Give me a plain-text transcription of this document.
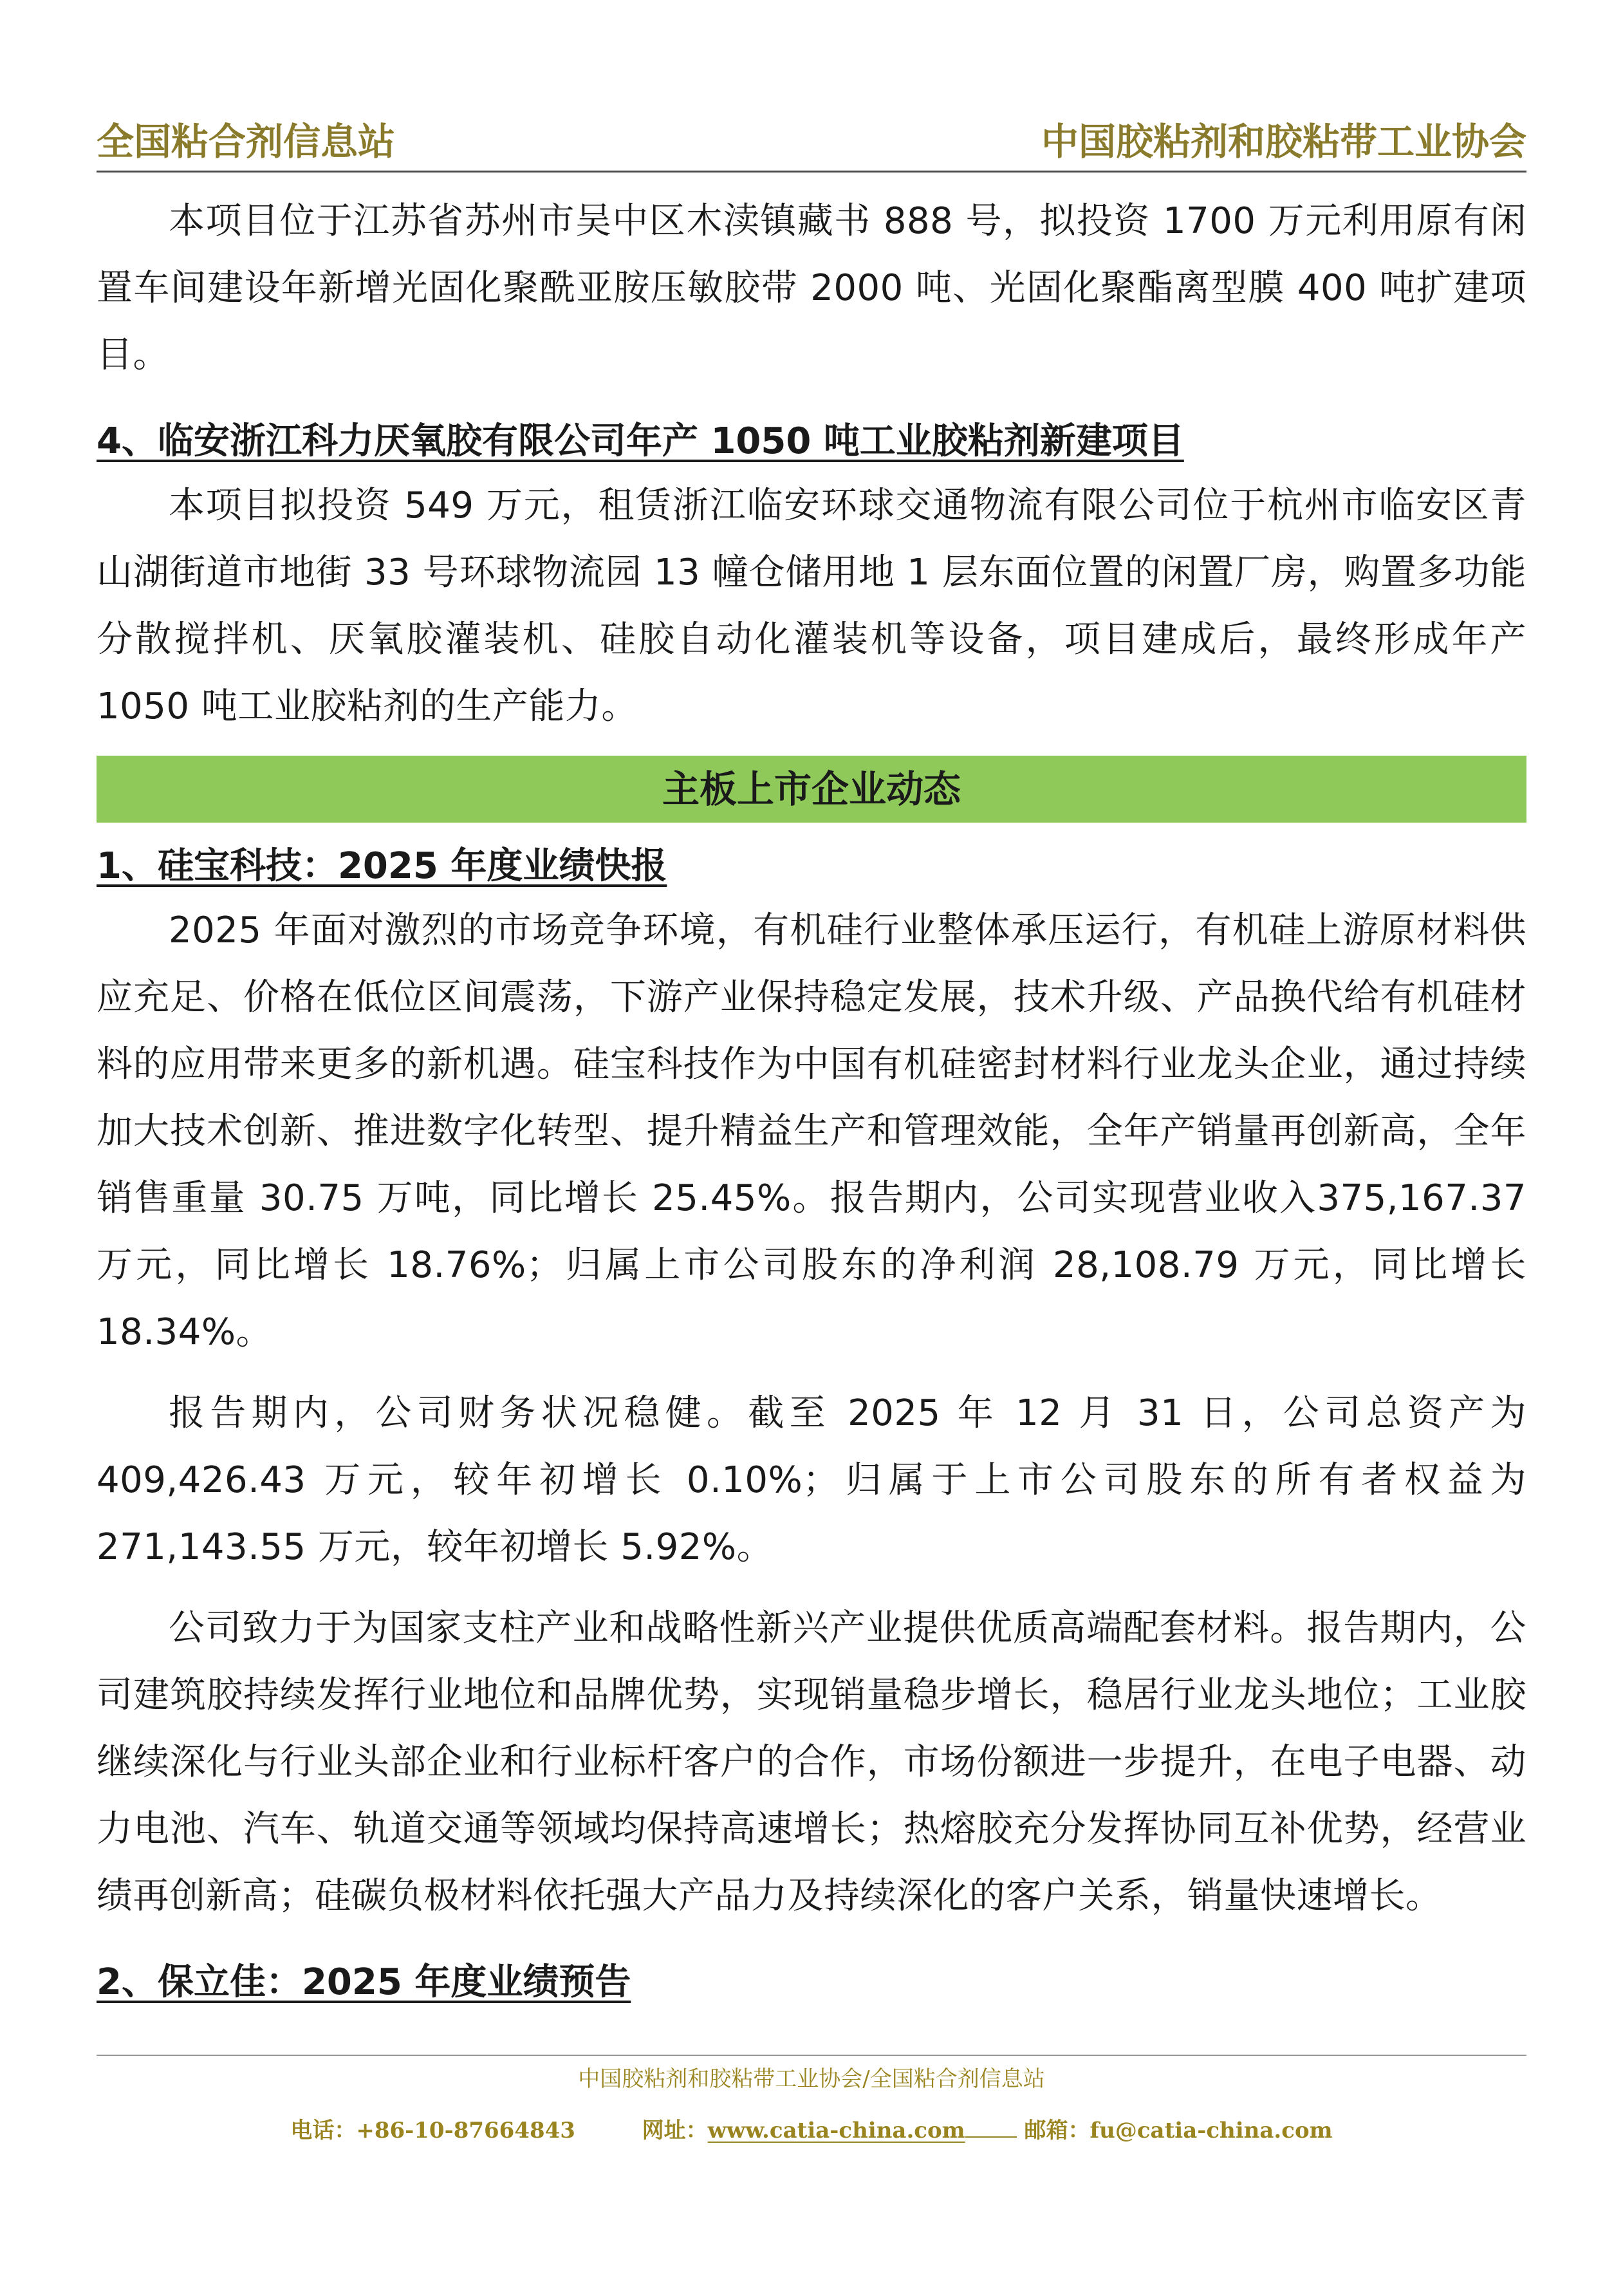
全国粘合剂信息站	中国胶粘剂和胶粘带工业协会

本项目位于江苏省苏州市吴中区木渎镇藏书 888 号，拟投资 1700 万元利用原有闲置车间建设年新增光固化聚酰亚胺压敏胶带 2000 吨、光固化聚酯离型膜 400 吨扩建项目。

4、临安浙江科力厌氧胶有限公司年产 1050 吨工业胶粘剂新建项目

本项目拟投资 549 万元，租赁浙江临安环球交通物流有限公司位于杭州市临安区青山湖街道市地街 33 号环球物流园 13 幢仓储用地 1 层东面位置的闲置厂房，购置多功能分散搅拌机、厌氧胶灌装机、硅胶自动化灌装机等设备，项目建成后，最终形成年产 1050 吨工业胶粘剂的生产能力。

主板上市企业动态
1、硅宝科技：2025 年度业绩快报

2025 年面对激烈的市场竞争环境，有机硅行业整体承压运行，有机硅上游原材料供应充足、价格在低位区间震荡，下游产业保持稳定发展，技术升级、产品换代给有机硅材料的应用带来更多的新机遇。硅宝科技作为中国有机硅密封材料行业龙头企业，通过持续加大技术创新、推进数字化转型、提升精益生产和管理效能，全年产销量再创新高，全年销售重量 30.75 万吨，同比增长 25.45%。报告期内，公司实现营业收入375,167.37 万元，同比增长 18.76%；归属上市公司股东的净利润 28,108.79 万元，同比增长 18.34%。

报告期内，公司财务状况稳健。截至 2025 年 12 月 31 日，公司总资产为 409,426.43 万元，较年初增长 0.10%；归属于上市公司股东的所有者权益为 271,143.55 万元，较年初增长 5.92%。

公司致力于为国家支柱产业和战略性新兴产业提供优质高端配套材料。报告期内，公司建筑胶持续发挥行业地位和品牌优势，实现销量稳步增长，稳居行业龙头地位；工业胶继续深化与行业头部企业和行业标杆客户的合作，市场份额进一步提升，在电子电器、动力电池、汽车、轨道交通等领域均保持高速增长；热熔胶充分发挥协同互补优势，经营业绩再创新高；硅碳负极材料依托强大产品力及持续深化的客户关系，销量快速增长。

2、保立佳：2025 年度业绩预告
中国胶粘剂和胶粘带工业协会/全国粘合剂信息站
电话：+86-10-87664843	网址：www.catia-china.com	邮箱：fu@catia-china.com
